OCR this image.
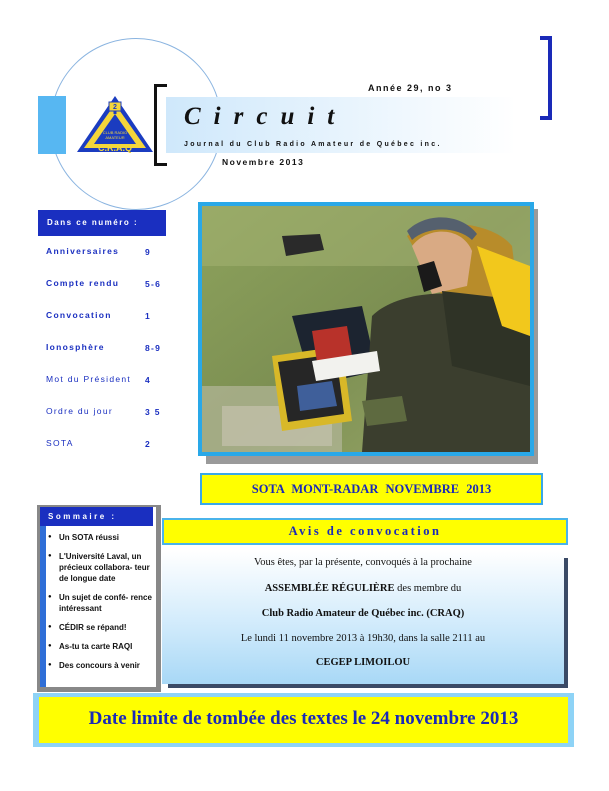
2
C.R.A.Q
CLUB RADIO
AMATEUR
Année 29, no 3
Circuit
Journal du Club Radio Amateur de Québec inc.
Novembre 2013
Dans ce numéro :
Anniversaires	9
Compte rendu	5-6
Convocation	1
Ionosphère	8-9
Mot du Président 4
Ordre du jour	3 5
SOTA	2
SOTA MONT-RADAR NOVEMBRE 2013
Sommaire :
● Un SOTA réussi
● L'Université Laval, un précieux collabora- teur de longue date
● Un sujet de confé- rence intéressant
● CÉDIR se répand!
● As-tu ta carte RAQI
● Des concours à venir
Avis de convocation

Vous êtes, par la présente, convoqués à la prochaine

ASSEMBLÉE RÉGULIÈRE des membre du

Club Radio Amateur de Québec inc. (CRAQ)

Le lundi 11 novembre 2013 à 19h30, dans la salle 2111 au

CEGEP LIMOILOU

Date limite de tombée des textes le 24 novembre 2013
